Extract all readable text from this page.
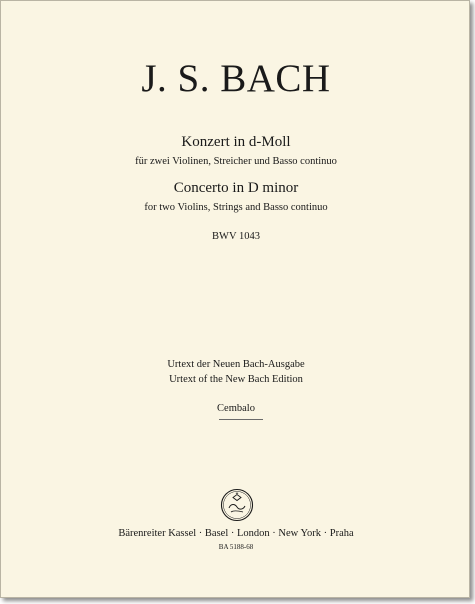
J. S. BACH
Konzert in d-Moll
für zwei Violinen, Streicher und Basso continuo
Concerto in D minor
for two Violins, Strings and Basso continuo
BWV 1043
Urtext der Neuen Bach-Ausgabe
Urtext of the New Bach Edition
Cembalo
Bärenreiter Kassel · Basel · London · New York · Praha
BA 5188-68
